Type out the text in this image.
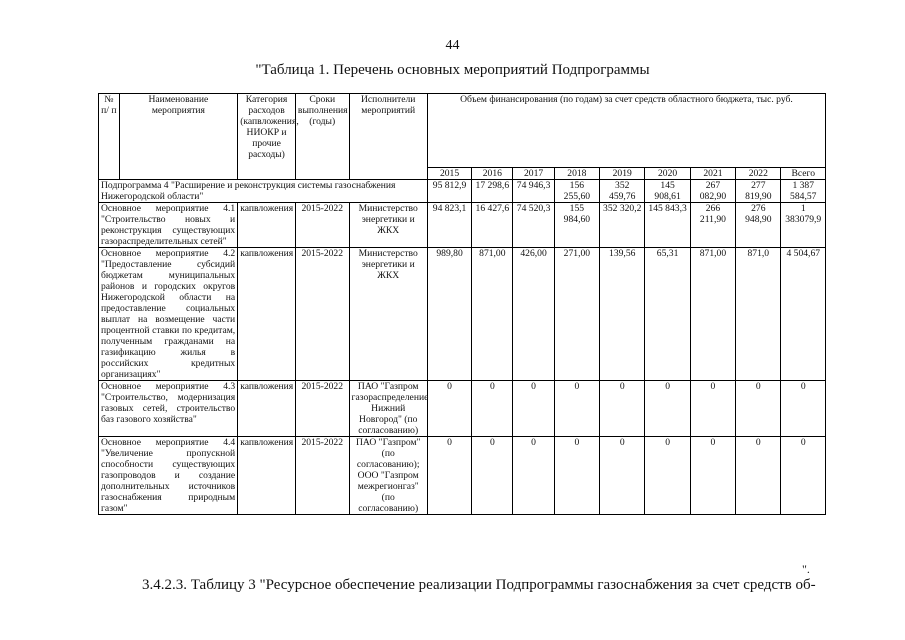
44
"Таблица 1. Перечень основных мероприятий Подпрограммы
№ п/ п	Наименование мероприятия	Категория расходов (капвложения, НИОКР и прочие расходы)	Сроки выполнения (годы)	Исполнители мероприятий	Объем финансирования (по годам) за счет средств областного бюджета, тыс. руб.								
					2015	2016	2017	2018	2019	2020	2021	2022	Всего
Подпрограмма 4 "Расширение и реконструкция системы газоснабжения Нижегородской области"					95 812,9	17 298,6	74 946,3	156 255,60	352 459,76	145 908,61	267 082,90	277 819,90	1 387 584,57
Основное мероприятие 4.1 "Строительство новых и реконструкция существующих газораспределительных сетей"		капвложения	2015-2022	Министерство энергетики и ЖКХ	94 823,1	16 427,6	74 520,3	155 984,60	352 320,2	145 843,3	266 211,90	276 948,90	1 383079,9
Основное мероприятие 4.2 "Предоставление субсидий бюджетам муниципальных районов и городских округов Нижегородской области на предоставление социальных выплат на возмещение части процентной ставки по кредитам, полученным гражданами на газификацию жилья в российских кредитных организациях"		капвложения	2015-2022	Министерство энергетики и ЖКХ	989,80	871,00	426,00	271,00	139,56	65,31	871,00	871,0	4 504,67
Основное мероприятие 4.3 "Строительство, модернизация газовых сетей, строительство баз газового хозяйства"		капвложения	2015-2022	ПАО "Газпром газораспределение Нижний Новгород" (по согласованию)	0	0	0	0	0	0	0	0	0
Основное мероприятие 4.4 "Увеличение пропускной способности существующих газопроводов и создание дополнительных источников газоснабжения природным газом"		капвложения	2015-2022	ПАО "Газпром" (по согласованию); ООО "Газпром межрегионгаз" (по согласованию)	0	0	0	0	0	0	0	0	0
".
3.4.2.3. Таблицу 3 "Ресурсное обеспечение реализации Подпрограммы газоснабжения за счет средств об-
